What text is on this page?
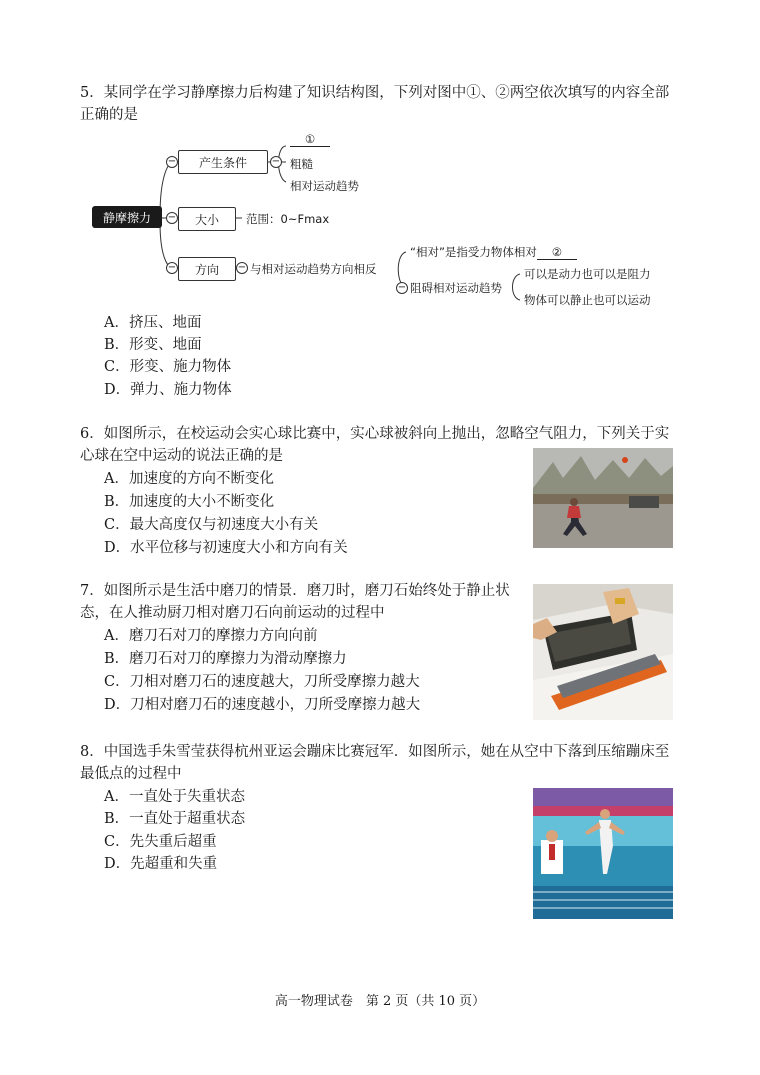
5．某同学在学习静摩擦力后构建了知识结构图，下列对图中①、②两空依次填写的内容全部正确的是
静摩擦力
−	产生条件	−
①
粗糙
相对运动趋势
−	大小	范围：0~Fmax
−	方向	− 与相对运动趋势方向相反
“相对”是指受力物体相对 ②
− 阻碍相对运动趋势
可以是动力也可以是阻力
物体可以静止也可以运动
A．挤压、地面
B．形变、地面
C．形变、施力物体
D．弹力、施力物体
6．如图所示，在校运动会实心球比赛中，实心球被斜向上抛出，忽略空气阻力，下列关于实心球在空中运动的说法正确的是
A．加速度的方向不断变化
B．加速度的大小不断变化
C．最大高度仅与初速度大小有关
D．水平位移与初速度大小和方向有关
7．如图所示是生活中磨刀的情景．磨刀时，磨刀石始终处于静止状态，在人推动厨刀相对磨刀石向前运动的过程中
A．磨刀石对刀的摩擦力方向向前
B．磨刀石对刀的摩擦力为滑动摩擦力
C．刀相对磨刀石的速度越大，刀所受摩擦力越大
D．刀相对磨刀石的速度越小，刀所受摩擦力越大
8．中国选手朱雪莹获得杭州亚运会蹦床比赛冠军．如图所示，她在从空中下落到压缩蹦床至最低点的过程中
A．一直处于失重状态
B．一直处于超重状态
C．先失重后超重
D．先超重和失重
高一物理试卷　第 2 页（共 10 页）
